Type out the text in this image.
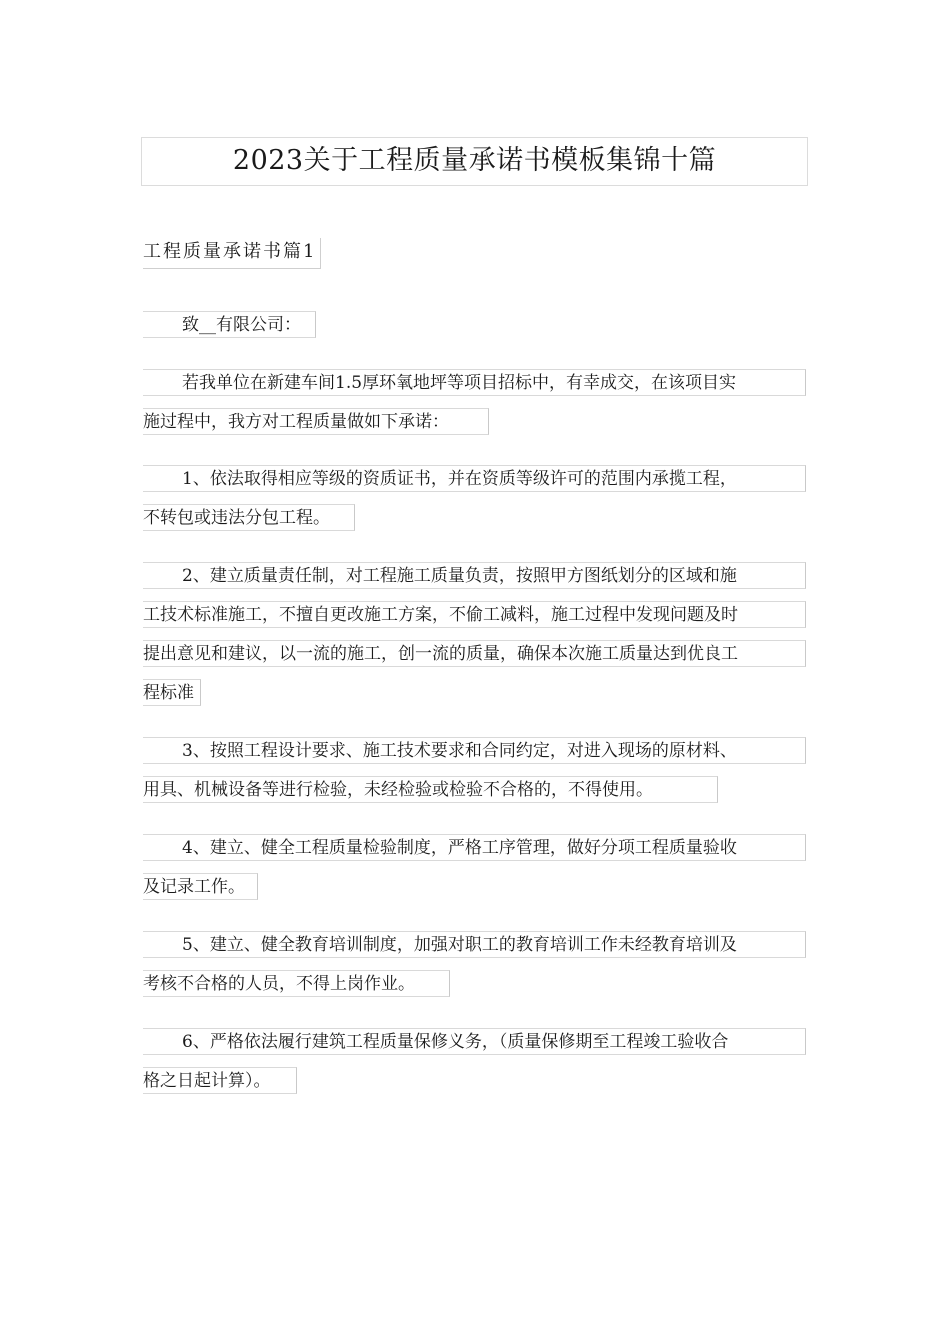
2023关于工程质量承诺书模板集锦十篇
工程质量承诺书篇1
致__有限公司：
若我单位在新建车间1.5厚环氧地坪等项目招标中，有幸成交，在该项目实
施过程中，我方对工程质量做如下承诺：
1、依法取得相应等级的资质证书，并在资质等级许可的范围内承揽工程，
不转包或违法分包工程。
2、建立质量责任制，对工程施工质量负责，按照甲方图纸划分的区域和施
工技术标准施工，不擅自更改施工方案，不偷工减料，施工过程中发现问题及时
提出意见和建议，以一流的施工，创一流的质量，确保本次施工质量达到优良工
程标准
3、按照工程设计要求、施工技术要求和合同约定，对进入现场的原材料、
用具、机械设备等进行检验，未经检验或检验不合格的，不得使用。
4、建立、健全工程质量检验制度，严格工序管理，做好分项工程质量验收
及记录工作。
5、建立、健全教育培训制度，加强对职工的教育培训工作未经教育培训及
考核不合格的人员，不得上岗作业。
6、严格依法履行建筑工程质量保修义务，（质量保修期至工程竣工验收合
格之日起计算）。
